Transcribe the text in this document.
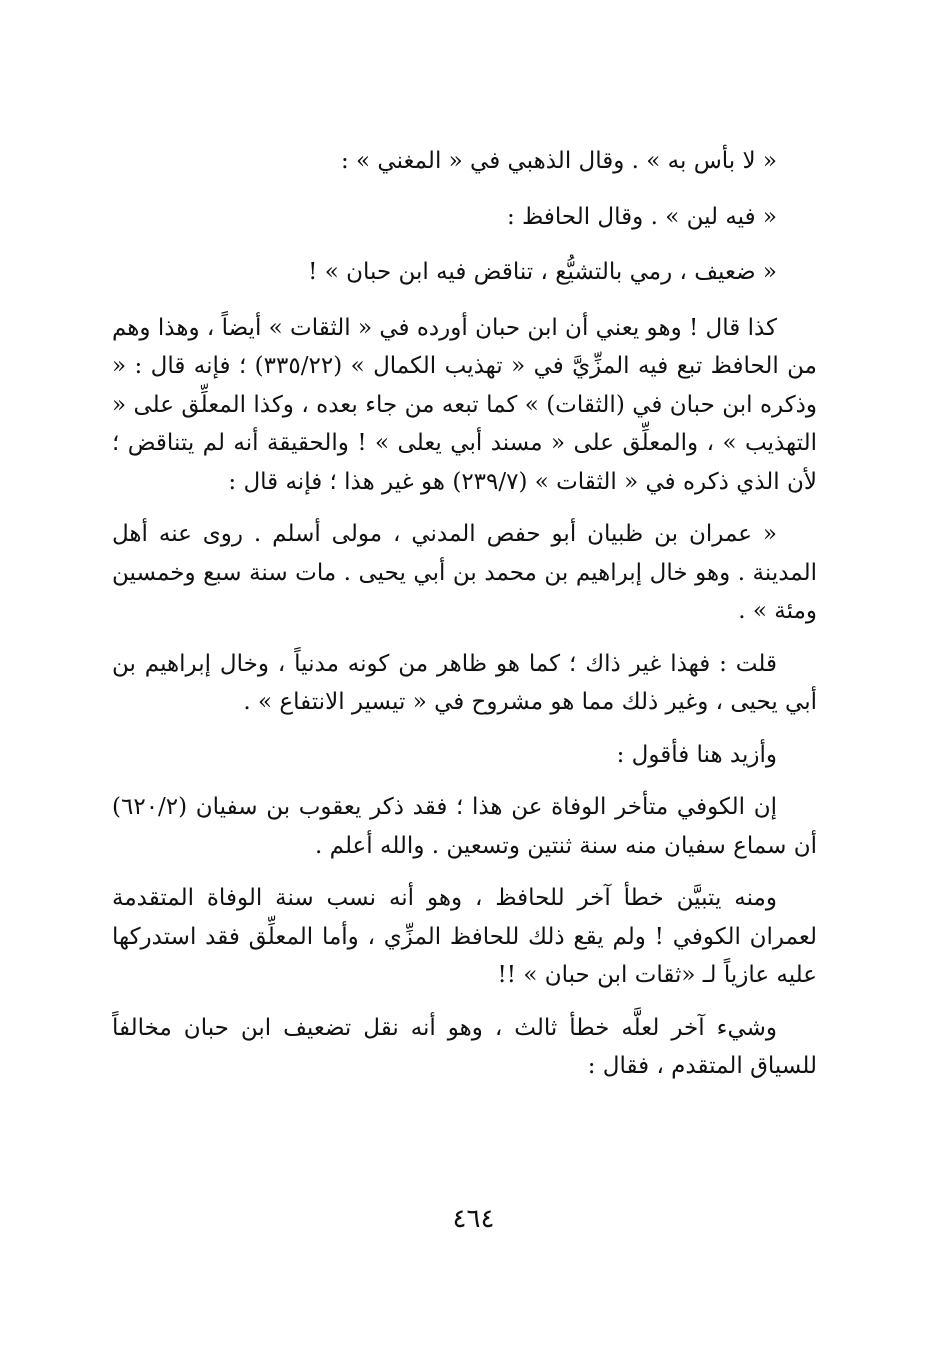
« لا بأس به » . وقال الذهبي في « المغني » :

« فيه لين » . وقال الحافظ :

« ضعيف ، رمي بالتشيُّع ، تناقض فيه ابن حبان » !

كذا قال ! وهو يعني أن ابن حبان أورده في « الثقات » أيضاً ، وهذا وهم من الحافظ تبع فيه المزِّيَّ في « تهذيب الكمال » (٣٣٥/٢٢) ؛ فإنه قال : « وذكره ابن حبان في (الثقات) » كما تبعه من جاء بعده ، وكذا المعلِّق على « التهذيب » ، والمعلِّق على « مسند أبي يعلى » ! والحقيقة أنه لم يتناقض ؛ لأن الذي ذكره في « الثقات » (٢٣٩/٧) هو غير هذا ؛ فإنه قال :

« عمران بن ظبيان أبو حفص المدني ، مولى أسلم . روى عنه أهل المدينة . وهو خال إبراهيم بن محمد بن أبي يحيى . مات سنة سبع وخمسين ومئة » .

قلت : فهذا غير ذاك ؛ كما هو ظاهر من كونه مدنياً ، وخال إبراهيم بن أبي يحيى ، وغير ذلك مما هو مشروح في « تيسير الانتفاع » .

وأزيد هنا فأقول :

إن الكوفي متأخر الوفاة عن هذا ؛ فقد ذكر يعقوب بن سفيان (٦٢٠/٢) أن سماع سفيان منه سنة ثنتين وتسعين . والله أعلم .

ومنه يتبيَّن خطأ آخر للحافظ ، وهو أنه نسب سنة الوفاة المتقدمة لعمران الكوفي ! ولم يقع ذلك للحافظ المزِّي ، وأما المعلِّق فقد استدركها عليه عازياً لـ «ثقات ابن حبان » !!

وشيء آخر لعلَّه خطأ ثالث ، وهو أنه نقل تضعيف ابن حبان مخالفاً للسياق المتقدم ، فقال :

٤٦٤
